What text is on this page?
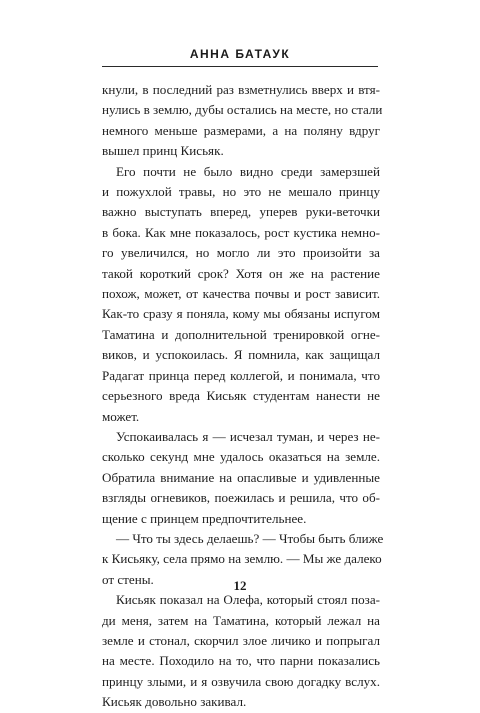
АННА БАТАУК
кнули, в последний раз взметнулись вверх и втя-
нулись в землю, дубы остались на месте, но стали
немного меньше размерами, а на поляну вдруг
вышел принц Кисьяк.
Его почти не было видно среди замерзшей
и пожухлой травы, но это не мешало принцу
важно выступать вперед, уперев руки-веточки
в бока. Как мне показалось, рост кустика немно-
го увеличился, но могло ли это произойти за
такой короткий срок? Хотя он же на растение
похож, может, от качества почвы и рост зависит.
Как-то сразу я поняла, кому мы обязаны испугом
Таматина и дополнительной тренировкой огне-
виков, и успокоилась. Я помнила, как защищал
Радагат принца перед коллегой, и понимала, что
серьезного вреда Кисьяк студентам нанести не
может.
Успокаивалась я — исчезал туман, и через не-
сколько секунд мне удалось оказаться на земле.
Обратила внимание на опасливые и удивленные
взгляды огневиков, поежилась и решила, что об-
щение с принцем предпочтительнее.
— Что ты здесь делаешь? — Чтобы быть ближе
к Кисьяку, села прямо на землю. — Мы же далеко
от стены.
Кисьяк показал на Олефа, который стоял поза-
ди меня, затем на Таматина, который лежал на
земле и стонал, скорчил злое личико и попрыгал
на месте. Походило на то, что парни показались
принцу злыми, и я озвучила свою догадку вслух.
Кисьяк довольно закивал.
12
